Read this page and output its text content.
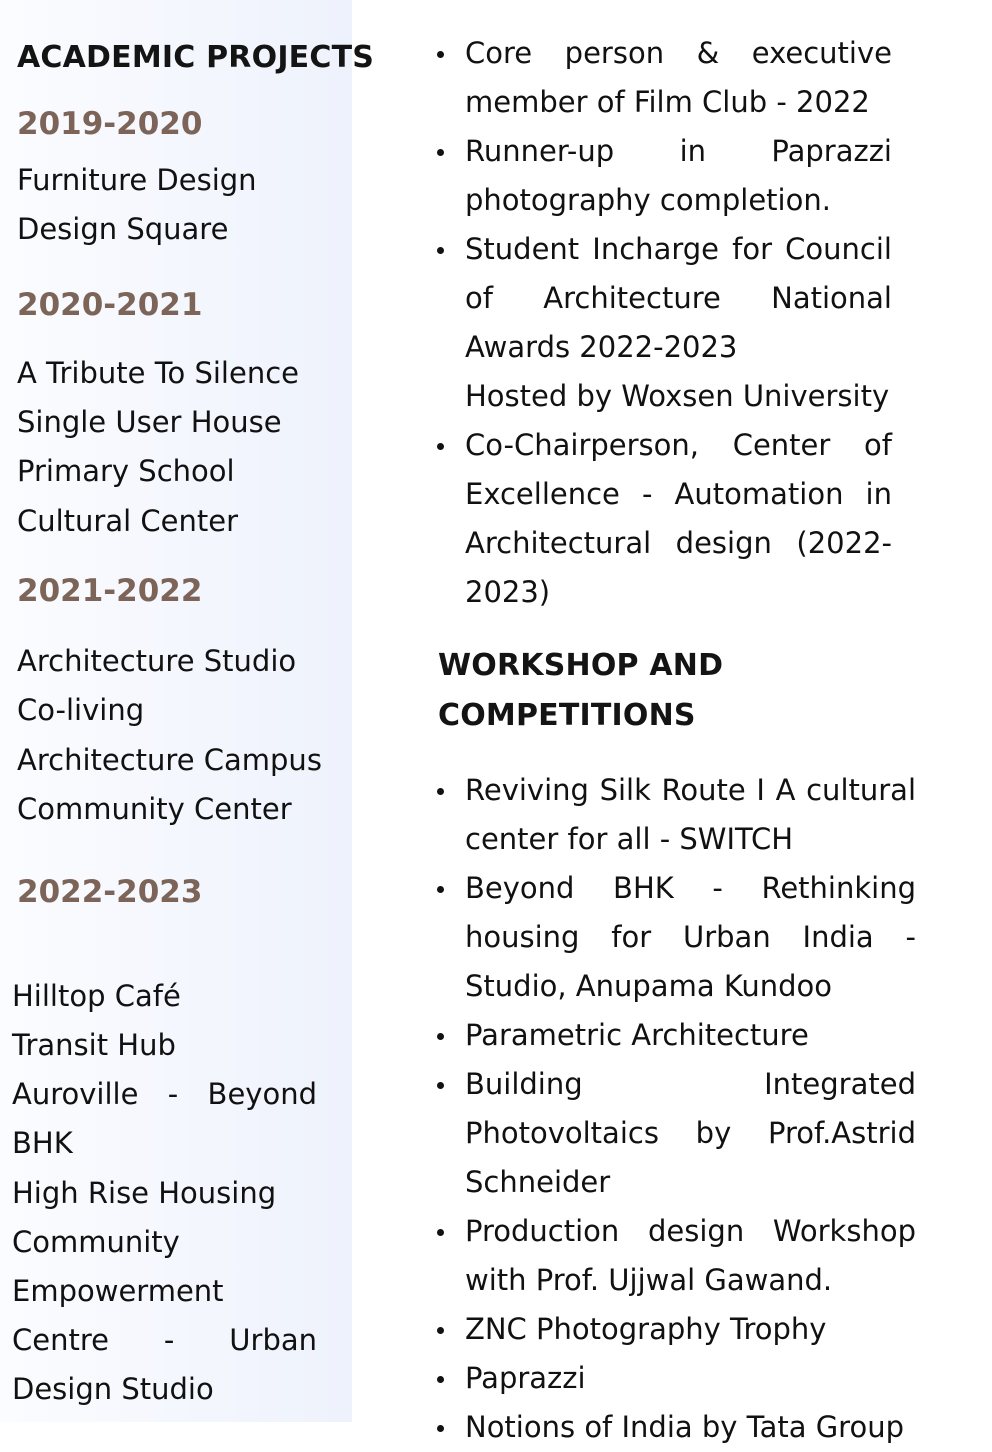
ACADEMIC PROJECTS
2019-2020
Furniture Design
Design Square
2020-2021
A Tribute To Silence
Single User House
Primary School
Cultural Center
2021-2022
Architecture Studio
Co-living
Architecture Campus
Community Center
2022-2023
Hilltop Café
Transit Hub
Auroville - Beyond BHK
High Rise Housing
Community Empowerment Centre - Urban Design Studio
Core person & executive member of Film Club - 2022
Runner-up in Paprazzi photography completion.
Student Incharge for Council of Architecture National Awards 2022-2023
Hosted by Woxsen University
Co-Chairperson, Center of Excellence - Automation in Architectural design (2022-2023)
WORKSHOP AND
COMPETITIONS
Reviving Silk Route I A cultural center for all - SWITCH
Beyond BHK - Rethinking housing for Urban India - Studio, Anupama Kundoo
Parametric Architecture
Building Integrated Photovoltaics by Prof.Astrid Schneider
Production design Workshop with Prof. Ujjwal Gawand.
ZNC Photography Trophy
Paprazzi
Notions of India by Tata Group
